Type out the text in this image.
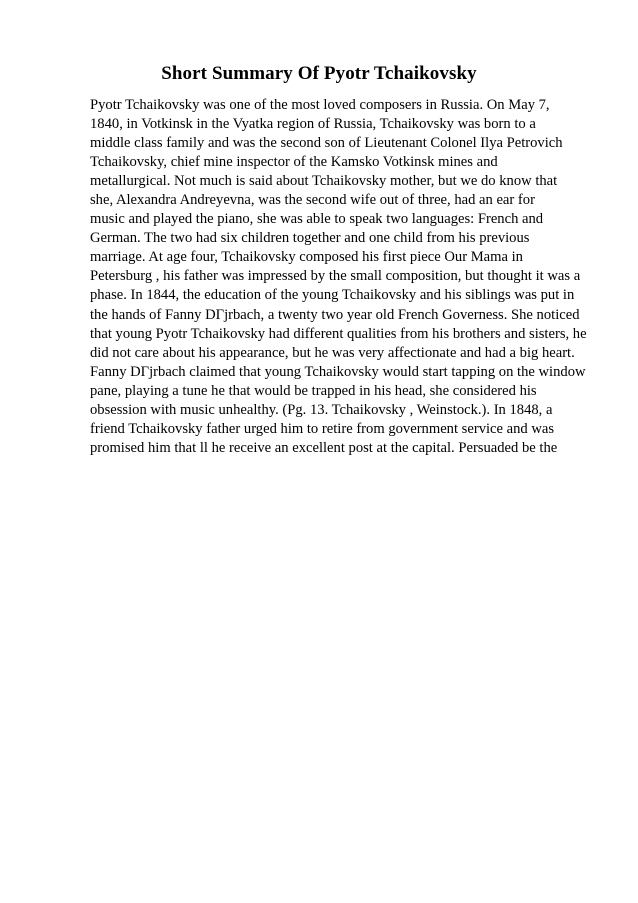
Short Summary Of Pyotr Tchaikovsky
Pyotr Tchaikovsky was one of the most loved composers in Russia. On May 7,
1840, in Votkinsk in the Vyatka region of Russia, Tchaikovsky was born to a
middle class family and was the second son of Lieutenant Colonel Ilya Petrovich
Tchaikovsky, chief mine inspector of the Kamsko Votkinsk mines and
metallurgical. Not much is said about Tchaikovsky mother, but we do know that
she, Alexandra Andreyevna, was the second wife out of three, had an ear for
music and played the piano, she was able to speak two languages: French and
German. The two had six children together and one child from his previous
marriage. At age four, Tchaikovsky composed his first piece Our Mama in
Petersburg , his father was impressed by the small composition, but thought it was a
phase. In 1844, the education of the young Tchaikovsky and his siblings was put in
the hands of Fanny DГjrbach, a twenty two year old French Governess. She noticed
that young Pyotr Tchaikovsky had different qualities from his brothers and sisters, he
did not care about his appearance, but he was very affectionate and had a big heart.
Fanny DГjrbach claimed that young Tchaikovsky would start tapping on the window
pane, playing a tune he that would be trapped in his head, she considered his
obsession with music unhealthy. (Pg. 13. Tchaikovsky , Weinstock.). In 1848, a
friend Tchaikovsky father urged him to retire from government service and was
promised him that ll he receive an excellent post at the capital. Persuaded be the
